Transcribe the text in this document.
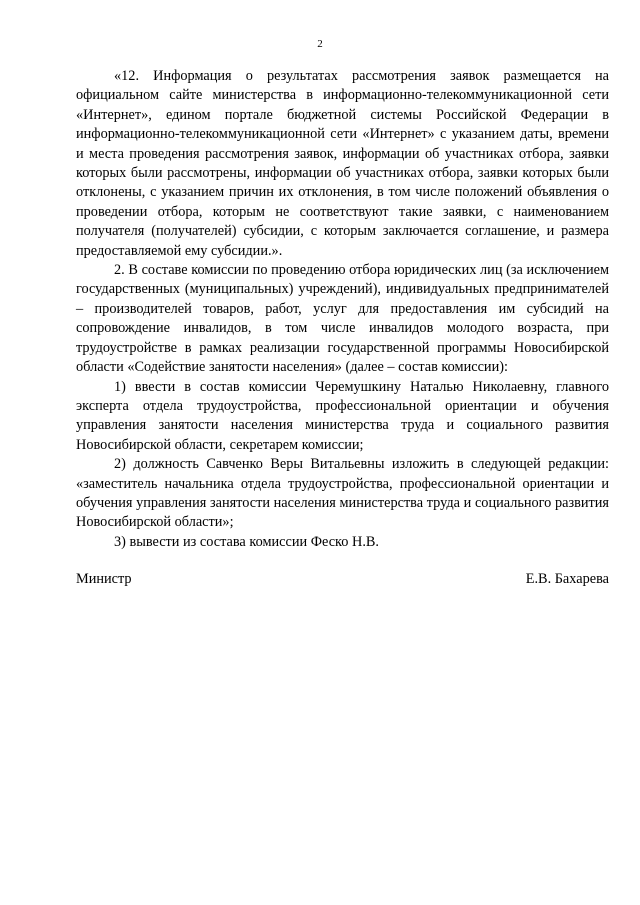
2

«12. Информация о результатах рассмотрения заявок размещается на официальном сайте министерства в информационно-телекоммуникационной сети «Интернет», едином портале бюджетной системы Российской Федерации в информационно-телекоммуникационной сети «Интернет» с указанием даты, времени и места проведения рассмотрения заявок, информации об участниках отбора, заявки которых были рассмотрены, информации об участниках отбора, заявки которых были отклонены, с указанием причин их отклонения, в том числе положений объявления о проведении отбора, которым не соответствуют такие заявки, с наименованием получателя (получателей) субсидии, с которым заключается соглашение, и размера предоставляемой ему субсидии.».

2. В составе комиссии по проведению отбора юридических лиц (за исключением государственных (муниципальных) учреждений), индивидуальных предпринимателей – производителей товаров, работ, услуг для предоставления им субсидий на сопровождение инвалидов, в том числе инвалидов молодого возраста, при трудоустройстве в рамках реализации государственной программы Новосибирской области «Содействие занятости населения» (далее – состав комиссии):

1) ввести в состав комиссии Черемушкину Наталью Николаевну, главного эксперта отдела трудоустройства, профессиональной ориентации и обучения управления занятости населения министерства труда и социального развития Новосибирской области, секретарем комиссии;

2) должность Савченко Веры Витальевны изложить в следующей редакции: «заместитель начальника отдела трудоустройства, профессиональной ориентации и обучения управления занятости населения министерства труда и социального развития Новосибирской области»;

3) вывести из состава комиссии Феско Н.В.

Министр	Е.В. Бахарева
